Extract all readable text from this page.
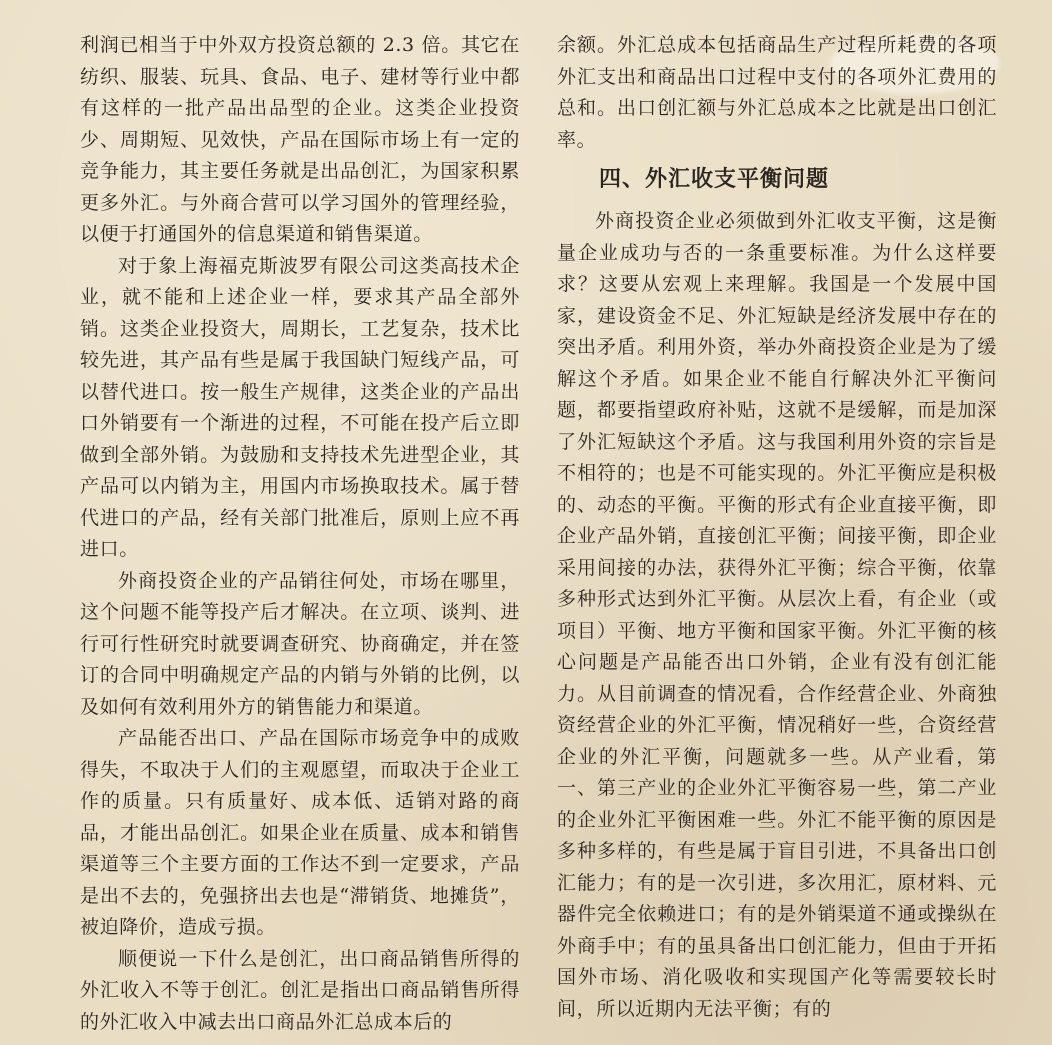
利润已相当于中外双方投资总额的 2.3 倍。其它在纺织、服装、玩具、食品、电子、建材等行业中都有这样的一批产品出品型的企业。这类企业投资少、周期短、见效快，产品在国际市场上有一定的竞争能力，其主要任务就是出品创汇，为国家积累更多外汇。与外商合营可以学习国外的管理经验，以便于打通国外的信息渠道和销售渠道。

对于象上海福克斯波罗有限公司这类高技术企业，就不能和上述企业一样，要求其产品全部外销。这类企业投资大，周期长，工艺复杂，技术比较先进，其产品有些是属于我国缺门短线产品，可以替代进口。按一般生产规律，这类企业的产品出口外销要有一个渐进的过程，不可能在投产后立即做到全部外销。为鼓励和支持技术先进型企业，其产品可以内销为主，用国内市场换取技术。属于替代进口的产品，经有关部门批准后，原则上应不再进口。

外商投资企业的产品销往何处，市场在哪里，这个问题不能等投产后才解决。在立项、谈判、进行可行性研究时就要调查研究、协商确定，并在签订的合同中明确规定产品的内销与外销的比例，以及如何有效利用外方的销售能力和渠道。

产品能否出口、产品在国际市场竞争中的成败得失，不取决于人们的主观愿望，而取决于企业工作的质量。只有质量好、成本低、适销对路的商品，才能出品创汇。如果企业在质量、成本和销售渠道等三个主要方面的工作达不到一定要求，产品是出不去的，免强挤出去也是“滞销货、地摊货”，被迫降价，造成亏损。

顺便说一下什么是创汇，出口商品销售所得的外汇收入不等于创汇。创汇是指出口商品销售所得的外汇收入中减去出口商品外汇总成本后的

余额。外汇总成本包括商品生产过程所耗费的各项外汇支出和商品出口过程中支付的各项外汇费用的总和。出口创汇额与外汇总成本之比就是出口创汇率。

四、外汇收支平衡问题

外商投资企业必须做到外汇收支平衡，这是衡量企业成功与否的一条重要标准。为什么这样要求？这要从宏观上来理解。我国是一个发展中国家，建设资金不足、外汇短缺是经济发展中存在的突出矛盾。利用外资，举办外商投资企业是为了缓解这个矛盾。如果企业不能自行解决外汇平衡问题，都要指望政府补贴，这就不是缓解，而是加深了外汇短缺这个矛盾。这与我国利用外资的宗旨是不相符的；也是不可能实现的。外汇平衡应是积极的、动态的平衡。平衡的形式有企业直接平衡，即企业产品外销，直接创汇平衡；间接平衡，即企业采用间接的办法，获得外汇平衡；综合平衡，依靠多种形式达到外汇平衡。从层次上看，有企业（或项目）平衡、地方平衡和国家平衡。外汇平衡的核心问题是产品能否出口外销，企业有没有创汇能力。从目前调查的情况看，合作经营企业、外商独资经营企业的外汇平衡，情况稍好一些，合资经营企业的外汇平衡，问题就多一些。从产业看，第一、第三产业的企业外汇平衡容易一些，第二产业的企业外汇平衡困难一些。外汇不能平衡的原因是多种多样的，有些是属于盲目引进，不具备出口创汇能力；有的是一次引进，多次用汇，原材料、元器件完全依赖进口；有的是外销渠道不通或操纵在外商手中；有的虽具备出口创汇能力，但由于开拓国外市场、消化吸收和实现国产化等需要较长时间，所以近期内无法平衡；有的
